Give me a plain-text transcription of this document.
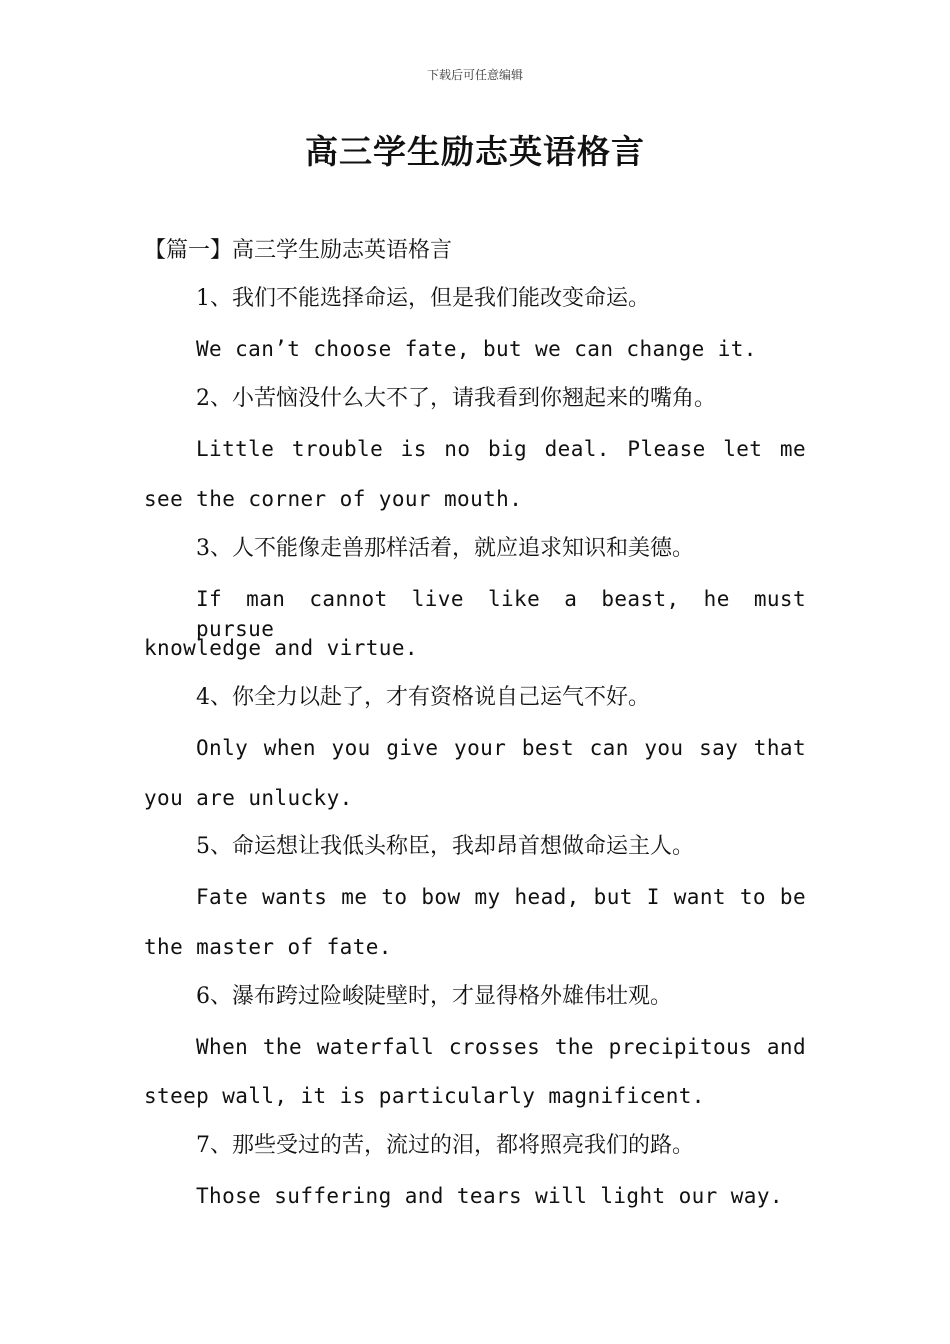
下载后可任意编辑
高三学生励志英语格言
【篇一】高三学生励志英语格言
1、我们不能选择命运，但是我们能改变命运。
We can’t choose fate, but we can change it.
2、小苦恼没什么大不了，请我看到你翘起来的嘴角。
Little trouble is no big deal. Please let me
see the corner of your mouth.
3、人不能像走兽那样活着，就应追求知识和美德。
If man cannot live like a beast, he must pursue
knowledge and virtue.
4、你全力以赴了，才有资格说自己运气不好。
Only when you give your best can you say that
you are unlucky.
5、命运想让我低头称臣，我却昂首想做命运主人。
Fate wants me to bow my head, but I want to be
the master of fate.
6、瀑布跨过险峻陡壁时，才显得格外雄伟壮观。
When the waterfall crosses the precipitous and
steep wall, it is particularly magnificent.
7、那些受过的苦，流过的泪，都将照亮我们的路。
Those suffering and tears will light our way.
